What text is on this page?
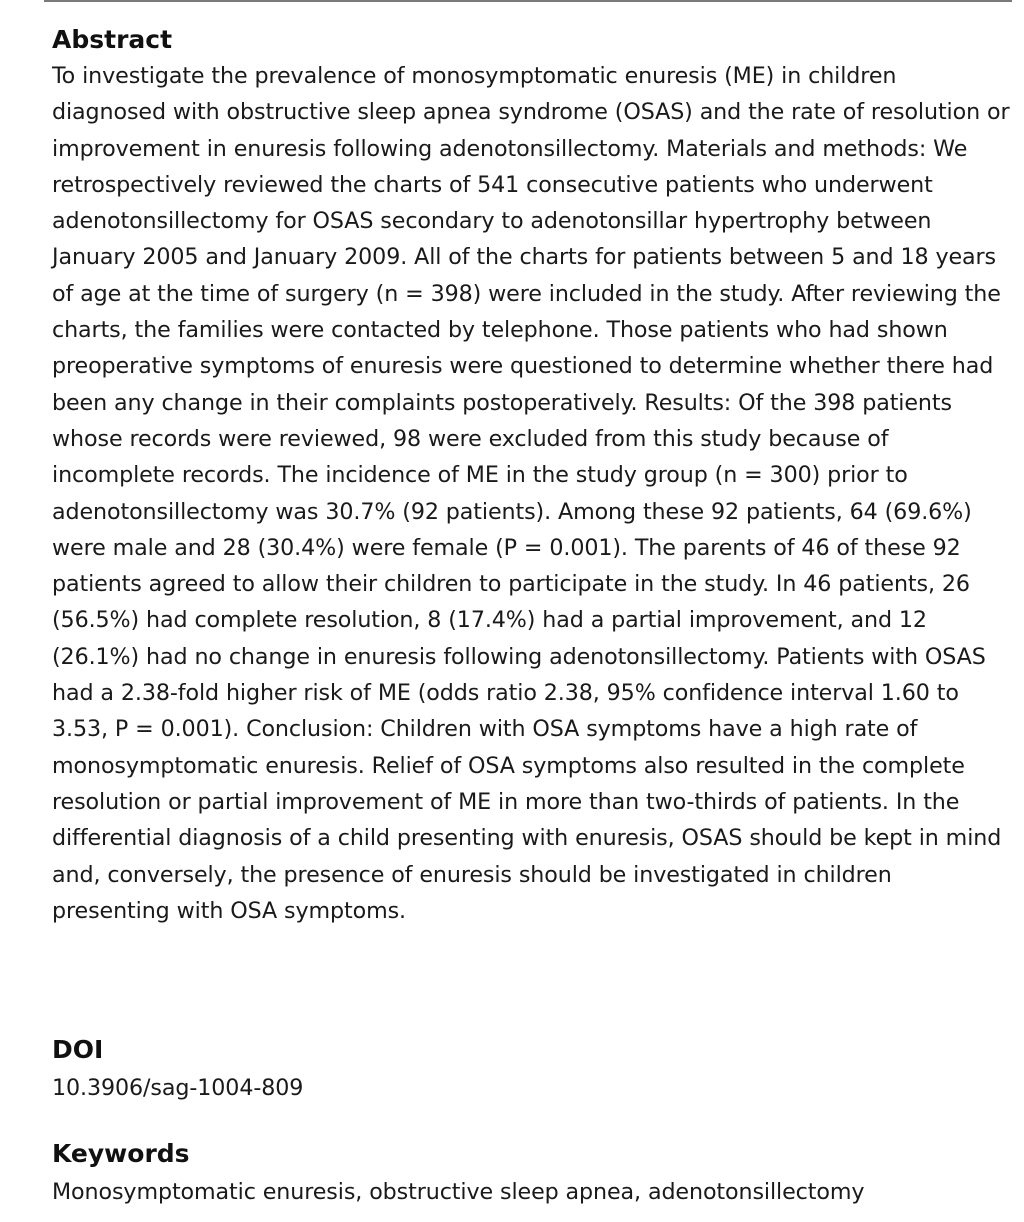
Abstract

To investigate the prevalence of monosymptomatic enuresis (ME) in children diagnosed with obstructive sleep apnea syndrome (OSAS) and the rate of resolution or improvement in enuresis following adenotonsillectomy. Materials and methods: We retrospectively reviewed the charts of 541 consecutive patients who underwent adenotonsillectomy for OSAS secondary to adenotonsillar hypertrophy between January 2005 and January 2009. All of the charts for patients between 5 and 18 years of age at the time of surgery (n = 398) were included in the study. After reviewing the charts, the families were contacted by telephone. Those patients who had shown preoperative symptoms of enuresis were questioned to determine whether there had been any change in their complaints postoperatively. Results: Of the 398 patients whose records were reviewed, 98 were excluded from this study because of incomplete records. The incidence of ME in the study group (n = 300) prior to adenotonsillectomy was 30.7% (92 patients). Among these 92 patients, 64 (69.6%) were male and 28 (30.4%) were female (P = 0.001). The parents of 46 of these 92 patients agreed to allow their children to participate in the study. In 46 patients, 26 (56.5%) had complete resolution, 8 (17.4%) had a partial improvement, and 12 (26.1%) had no change in enuresis following adenotonsillectomy. Patients with OSAS had a 2.38-fold higher risk of ME (odds ratio 2.38, 95% confidence interval 1.60 to 3.53, P = 0.001). Conclusion: Children with OSA symptoms have a high rate of monosymptomatic enuresis. Relief of OSA symptoms also resulted in the complete resolution or partial improvement of ME in more than two-thirds of patients. In the differential diagnosis of a child presenting with enuresis, OSAS should be kept in mind and, conversely, the presence of enuresis should be investigated in children presenting with OSA symptoms.

DOI

10.3906/sag-1004-809

Keywords

Monosymptomatic enuresis, obstructive sleep apnea, adenotonsillectomy
